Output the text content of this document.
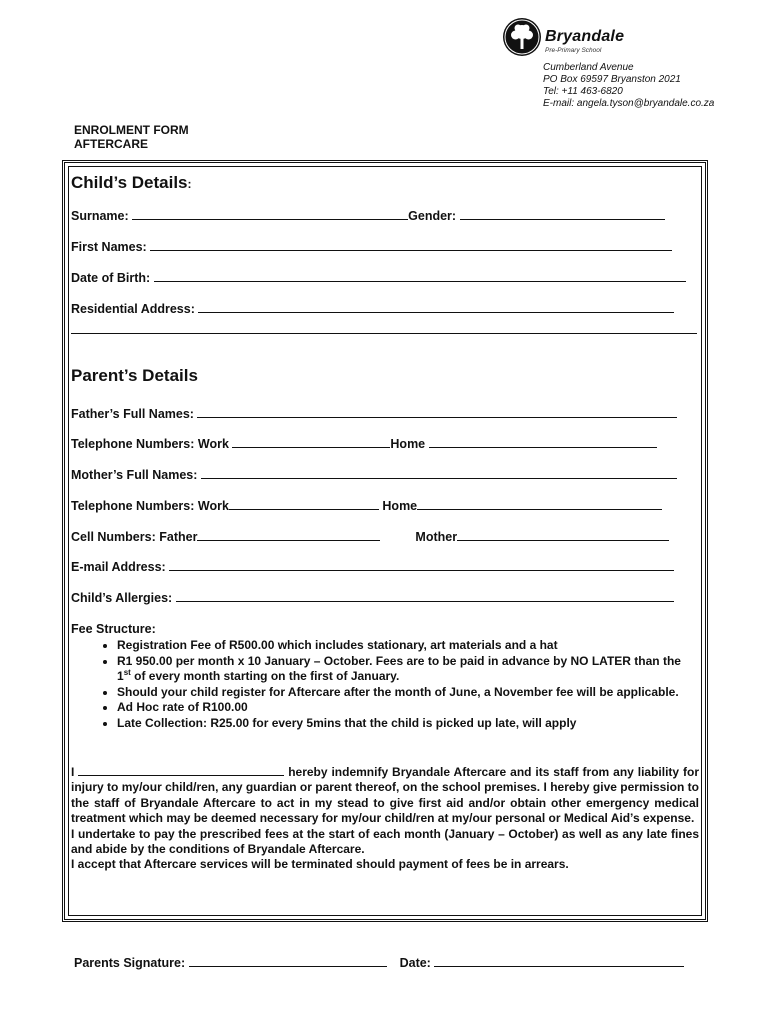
Bryandale
Pre-Primary School
Cumberland Avenue
PO Box 69597 Bryanston 2021
Tel: +11 463-6820
E-mail: angela.tyson@bryandale.co.za
ENROLMENT FORM
AFTERCARE
Child’s Details:
Surname:	Gender:
First Names:
Date of Birth:
Residential Address:
Parent’s Details
Father’s Full Names:
Telephone Numbers: Work	Home
Mother’s Full Names:
Telephone Numbers: Work	Home
Cell Numbers: Father	Mother
E-mail Address:
Child’s Allergies:
Fee Structure:
• Registration Fee of R500.00 which includes stationary, art materials and a hat
• R1 950.00 per month x 10 January – October. Fees are to be paid in advance by NO LATER than the 1st of every month starting on the first of January.
• Should your child register for Aftercare after the month of June, a November fee will be applicable.
• Ad Hoc rate of R100.00
• Late Collection: R25.00 for every 5mins that the child is picked up late, will apply

I	hereby indemnify Bryandale Aftercare and its staff from any liability for injury to my/our child/ren, any guardian or parent thereof, on the school premises. I hereby give permission to the staff of Bryandale Aftercare to act in my stead to give first aid and/or obtain other emergency medical treatment which may be deemed necessary for my/our child/ren at my/our personal or Medical Aid’s expense.

I undertake to pay the prescribed fees at the start of each month (January – October) as well as any late fines and abide by the conditions of Bryandale Aftercare.

I accept that Aftercare services will be terminated should payment of fees be in arrears.

Parents Signature:	Date:
